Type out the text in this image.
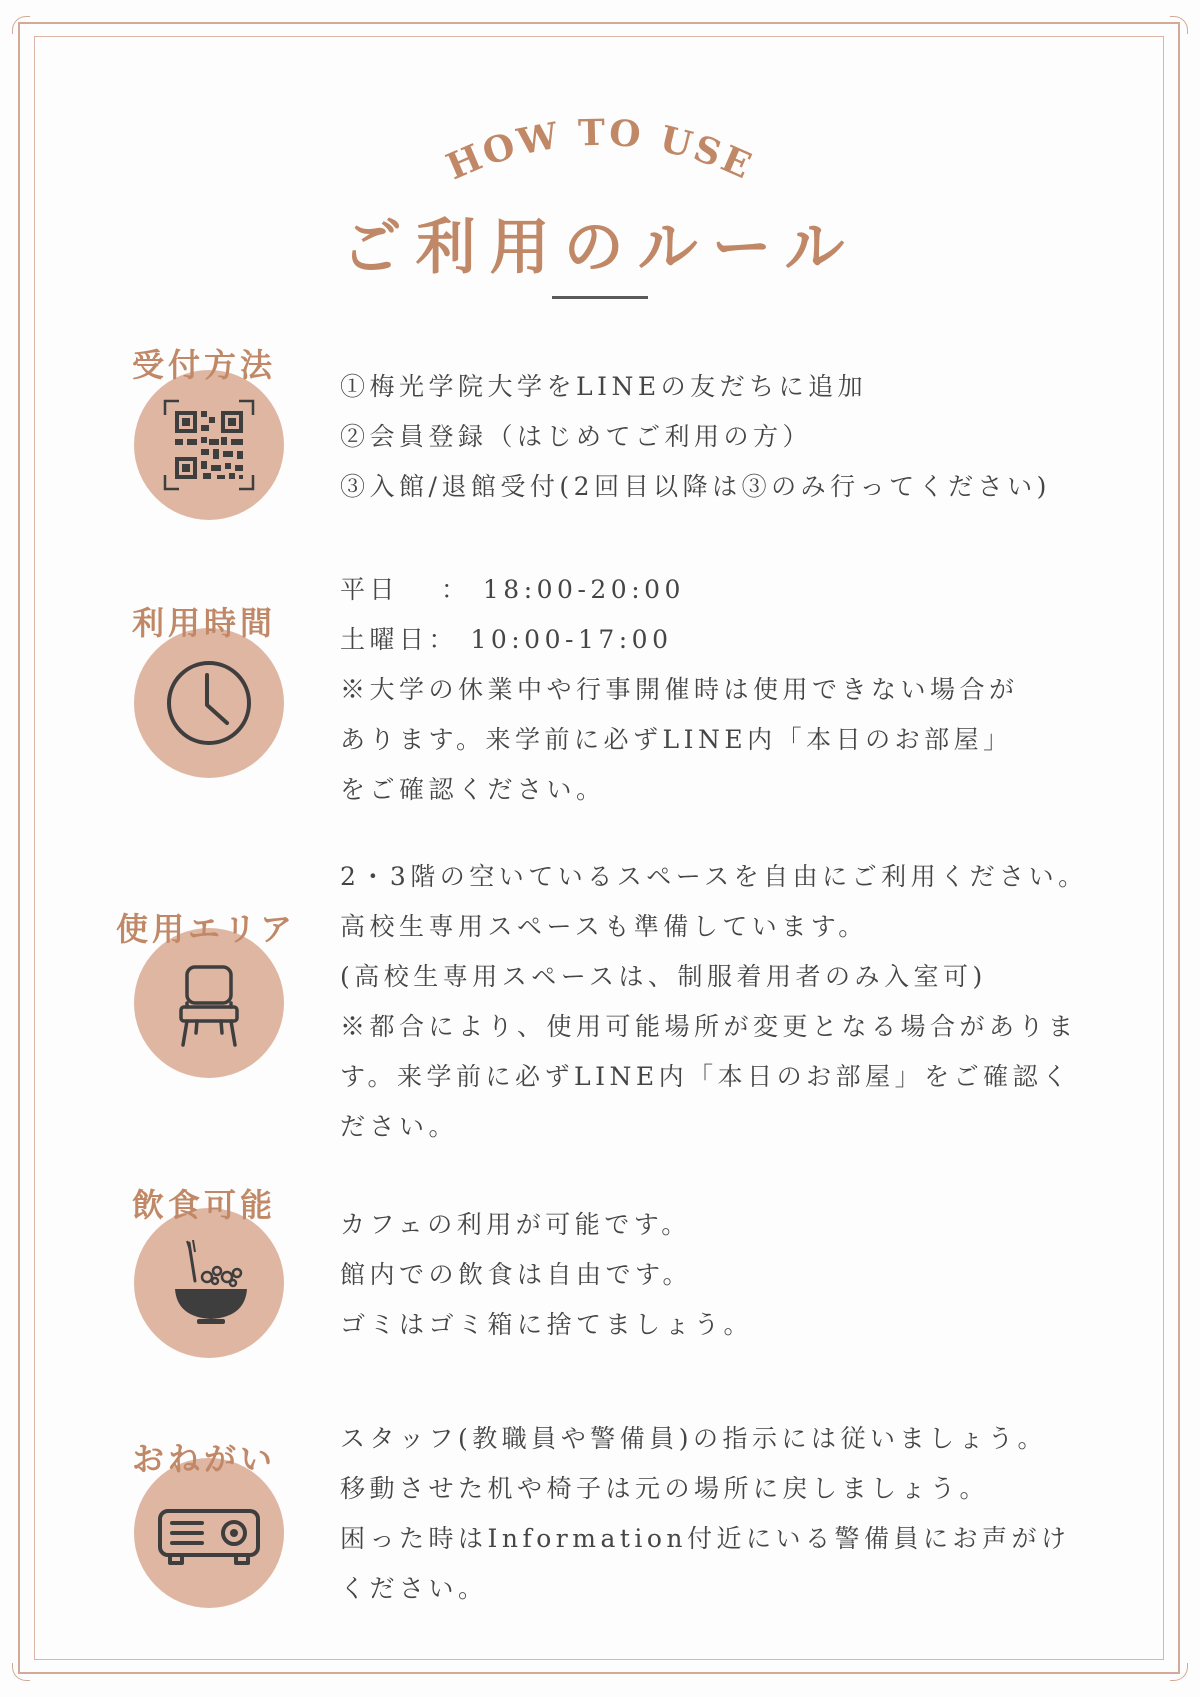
HOW TO USE
ご利用のルール
受付方法
①梅光学院大学をLINEの友だちに追加
②会員登録（はじめてご利用の方）
③入館/退館受付(2回目以降は③のみ行ってください)
利用時間
平日　 ： 18:00-20:00
土曜日： 10:00-17:00
※大学の休業中や行事開催時は使用できない場合が
あります。来学前に必ずLINE内「本日のお部屋」
をご確認ください。
使用エリア
2・3階の空いているスペースを自由にご利用ください。
高校生専用スペースも準備しています。
(高校生専用スペースは、制服着用者のみ入室可)
※都合により、使用可能場所が変更となる場合がありま
す。来学前に必ずLINE内「本日のお部屋」をご確認く
ださい。
飲食可能
カフェの利用が可能です。
館内での飲食は自由です。
ゴミはゴミ箱に捨てましょう。
おねがい
スタッフ(教職員や警備員)の指示には従いましょう。
移動させた机や椅子は元の場所に戻しましょう。
困った時はInformation付近にいる警備員にお声がけ
ください。
